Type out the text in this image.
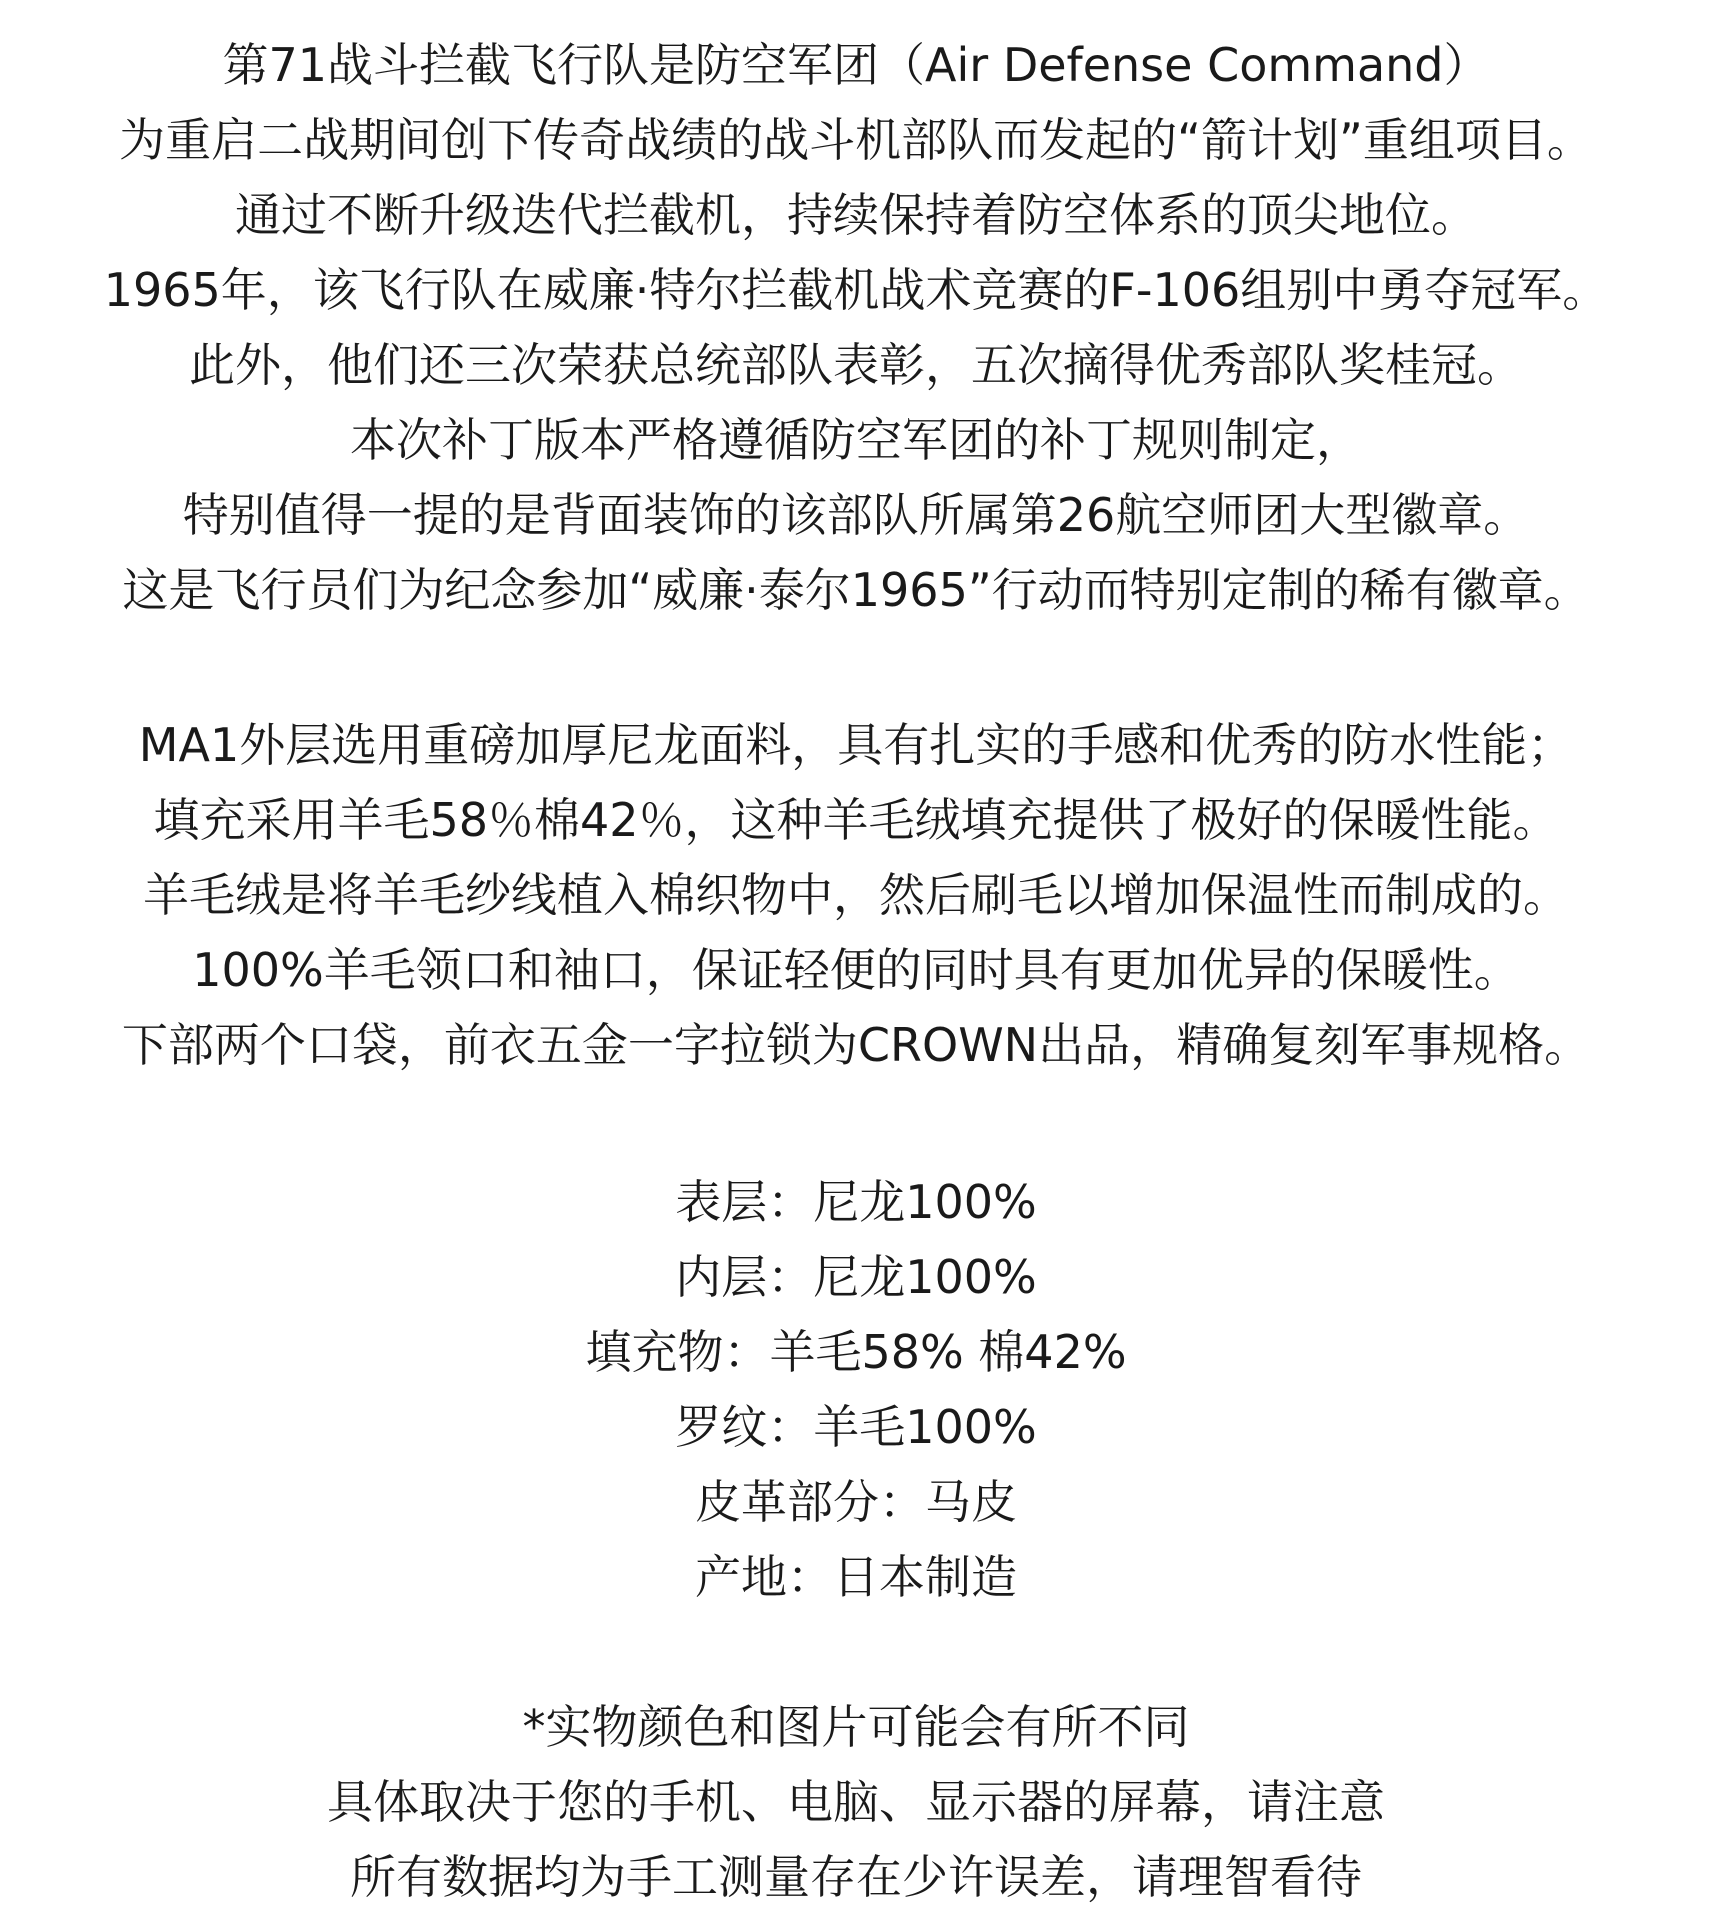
第71战斗拦截飞行队是防空军团（Air Defense Command）
为重启二战期间创下传奇战绩的战斗机部队而发起的“箭计划”重组项目。
通过不断升级迭代拦截机，持续保持着防空体系的顶尖地位。
1965年，该飞行队在威廉·特尔拦截机战术竞赛的F-106组别中勇夺冠军。
此外，他们还三次荣获总统部队表彰，五次摘得优秀部队奖桂冠。
本次补丁版本严格遵循防空军团的补丁规则制定，
特别值得一提的是背面装饰的该部队所属第26航空师团大型徽章。
这是飞行员们为纪念参加“威廉·泰尔1965”行动而特别定制的稀有徽章。
MA1外层选用重磅加厚尼龙面料，具有扎实的手感和优秀的防水性能；
填充采用羊毛58％棉42％，这种羊毛绒填充提供了极好的保暖性能。
羊毛绒是将羊毛纱线植入棉织物中，然后刷毛以增加保温性而制成的。
100%羊毛领口和袖口，保证轻便的同时具有更加优异的保暖性。
下部两个口袋，前衣五金一字拉锁为CROWN出品，精确复刻军事规格。
表层：尼龙100%
内层：尼龙100%
填充物：羊毛58% 棉42%
罗纹：羊毛100%
皮革部分：马皮
产地：日本制造
*实物颜色和图片可能会有所不同
具体取决于您的手机、电脑、显示器的屏幕，请注意
所有数据均为手工测量存在少许误差，请理智看待
